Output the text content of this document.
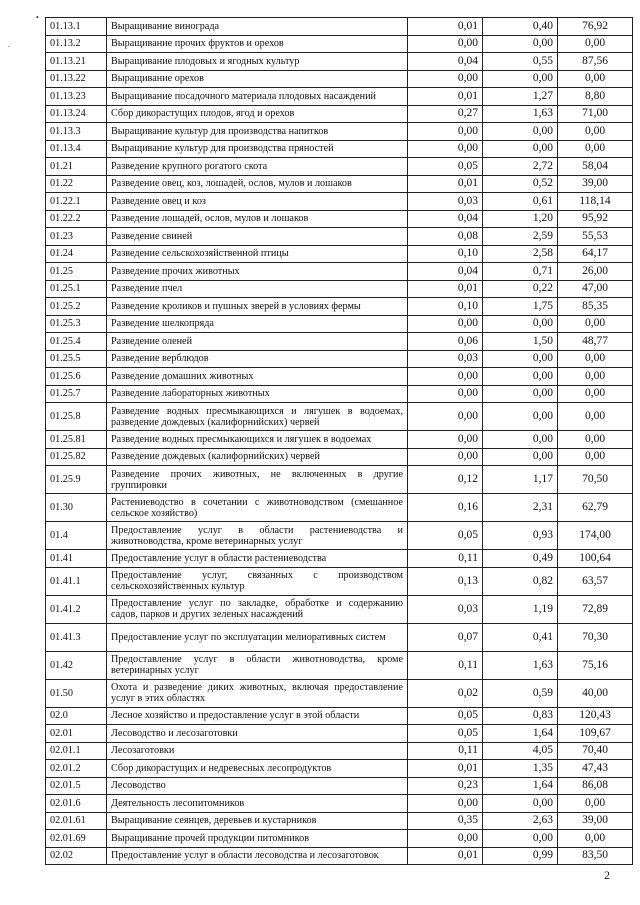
•
.
01.13.1	Выращивание винограда	0,01	0,40	76,92
01.13.2	Выращивание прочих фруктов и орехов	0,00	0,00	0,00
01.13.21	Выращивание плодовых и ягодных культур	0,04	0,55	87,56
01.13.22	Выращивание орехов	0,00	0,00	0,00
01.13.23	Выращивание посадочного материала плодовых насаждений	0,01	1,27	8,80
01.13.24	Сбор дикорастущих плодов, ягод и орехов	0,27	1,63	71,00
01.13.3	Выращивание культур для производства напитков	0,00	0,00	0,00
01.13.4	Выращивание культур для производства пряностей	0,00	0,00	0,00
01.21	Разведение крупного рогатого скота	0,05	2,72	58,04
01.22	Разведение овец, коз, лошадей, ослов, мулов и лошаков	0,01	0,52	39,00
01.22.1	Разведение овец и коз	0,03	0,61	118,14
01.22.2	Разведение лошадей, ослов, мулов и лошаков	0,04	1,20	95,92
01.23	Разведение свиней	0,08	2,59	55,53
01.24	Разведение сельскохозяйственной птицы	0,10	2,58	64,17
01.25	Разведение прочих животных	0,04	0,71	26,00
01.25.1	Разведение пчел	0,01	0,22	47,00
01.25.2	Разведение кроликов и пушных зверей в условиях фермы	0,10	1,75	85,35
01.25.3	Разведение шелкопряда	0,00	0,00	0,00
01.25.4	Разведение оленей	0,06	1,50	48,77
01.25.5	Разведение верблюдов	0,03	0,00	0,00
01.25.6	Разведение домашних животных	0,00	0,00	0,00
01.25.7	Разведение лабораторных животных	0,00	0,00	0,00
01.25.8	Разведение водных пресмыкающихся и лягушек в водоемах, разведение дождевых (калифорнийских) червей	0,00	0,00	0,00
01.25.81	Разведение водных пресмыкающихся и лягушек в водоемах	0,00	0,00	0,00
01.25.82	Разведение дождевых (калифорнийских) червей	0,00	0,00	0,00
01.25.9	Разведение прочих животных, не включенных в другие группировки	0,12	1,17	70,50
01.30	Растениеводство в сочетании с животноводством (смешанное сельское хозяйство)	0,16	2,31	62,79
01.4	Предоставление услуг в области растениеводства и животноводства, кроме ветеринарных услуг	0,05	0,93	174,00
01.41	Предоставление услуг в области растениеводства	0,11	0,49	100,64
01.41.1	Предоставление услуг, связанных с производством сельскохозяйственных культур	0,13	0,82	63,57
01.41.2	Предоставление услуг по закладке, обработке и содержанию садов, парков и других зеленых насаждений	0,03	1,19	72,89
01.41.3	Предоставление услуг по эксплуатации мелиоративных систем	0,07	0,41	70,30
01.42	Предоставление услуг в области животноводства, кроме ветеринарных услуг	0,11	1,63	75,16
01.50	Охота и разведение диких животных, включая предоставление услуг в этих областях	0,02	0,59	40,00
02.0	Лесное хозяйство и предоставление услуг в этой области	0,05	0,83	120,43
02.01	Лесоводство и лесозаготовки	0,05	1,64	109,67
02.01.1	Лесозаготовки	0,11	4,05	70,40
02.01.2	Сбор дикорастущих и недревесных лесопродуктов	0,01	1,35	47,43
02.01.5	Лесоводство	0,23	1,64	86,08
02.01.6	Деятельность лесопитомников	0,00	0,00	0,00
02.01.61	Выращивание сеянцев, деревьев и кустарников	0,35	2,63	39,00
02.01.69	Выращивание прочей продукции питомников	0,00	0,00	0,00
02.02	Предоставление услуг в области лесоводства и лесозаготовок	0,01	0,99	83,50
2
